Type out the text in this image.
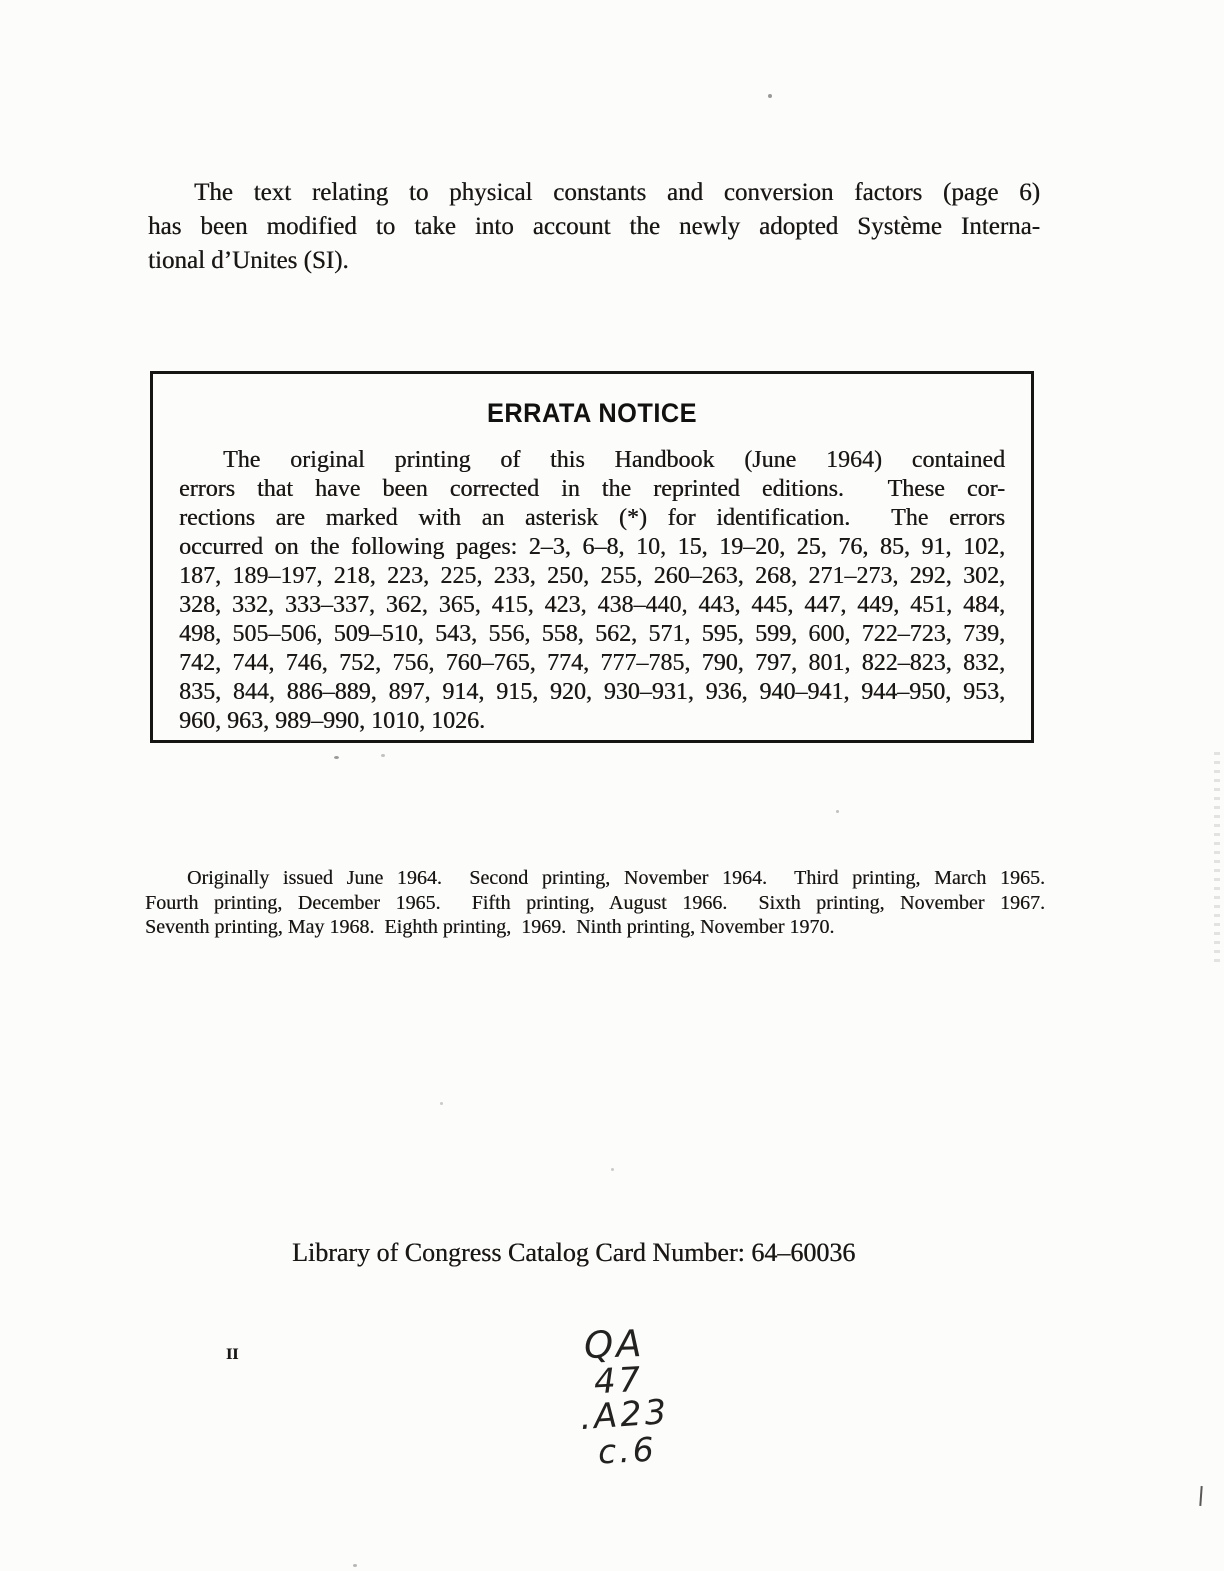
The text relating to physical constants and conversion factors (page 6)
has been modified to take into account the newly adopted Système Interna-
tional d’Unites (SI).
ERRATA NOTICE
The original printing of this Handbook (June 1964) contained
errors that have been corrected in the reprinted editions.  These cor-
rections are marked with an asterisk (*) for identification.  The errors
occurred on the following pages: 2–3, 6–8, 10, 15, 19–20, 25, 76, 85, 91, 102,
187, 189–197, 218, 223, 225, 233, 250, 255, 260–263, 268, 271–273, 292, 302,
328, 332, 333–337, 362, 365, 415, 423, 438–440, 443, 445, 447, 449, 451, 484,
498, 505–506, 509–510, 543, 556, 558, 562, 571, 595, 599, 600, 722–723, 739,
742, 744, 746, 752, 756, 760–765, 774, 777–785, 790, 797, 801, 822–823, 832,
835, 844, 886–889, 897, 914, 915, 920, 930–931, 936, 940–941, 944–950, 953,
960, 963, 989–990, 1010, 1026.
Originally issued June 1964.  Second printing, November 1964.  Third printing, March 1965.
Fourth printing, December 1965.  Fifth printing, August 1966.  Sixth printing, November 1967.
Seventh printing, May 1968.  Eighth printing,  1969.  Ninth printing, November 1970.
Library of Congress Catalog Card Number: 64–60036
II	QA
47
.A23
c.6
